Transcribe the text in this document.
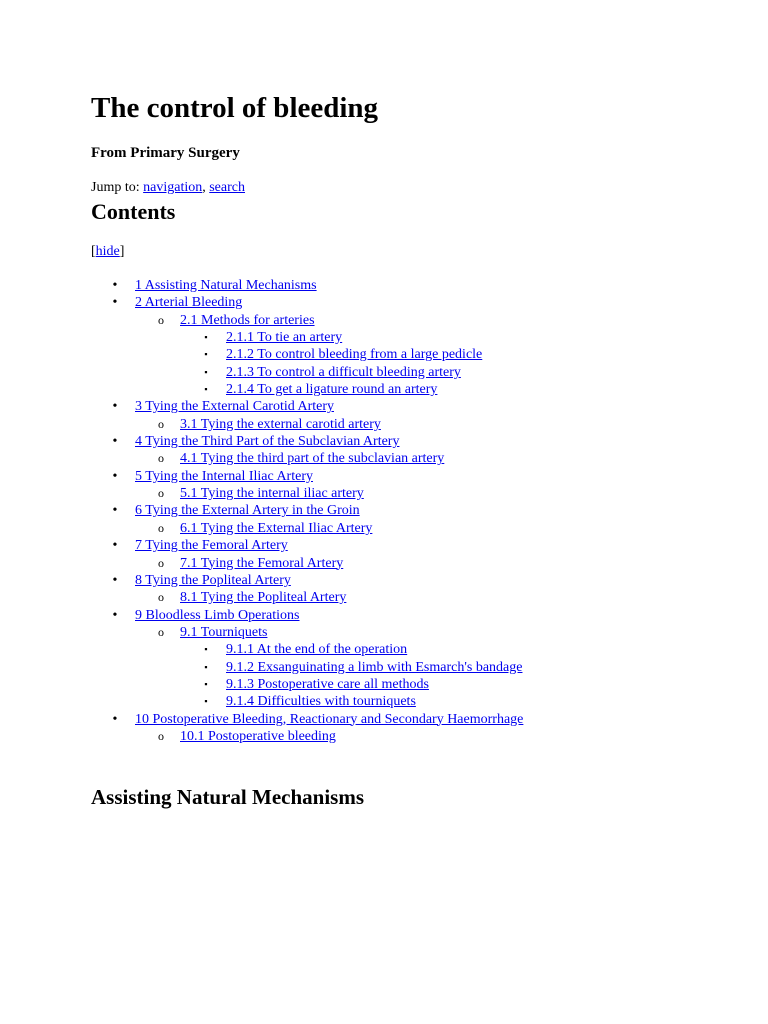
The control of bleeding
From Primary Surgery
Jump to: navigation, search
Contents
[hide]
• 1 Assisting Natural Mechanisms
• 2 Arterial Bleeding
o 2.1 Methods for arteries
▪ 2.1.1 To tie an artery
▪ 2.1.2 To control bleeding from a large pedicle
▪ 2.1.3 To control a difficult bleeding artery
▪ 2.1.4 To get a ligature round an artery
• 3 Tying the External Carotid Artery
o 3.1 Tying the external carotid artery
• 4 Tying the Third Part of the Subclavian Artery
o 4.1 Tying the third part of the subclavian artery
• 5 Tying the Internal Iliac Artery
o 5.1 Tying the internal iliac artery
• 6 Tying the External Artery in the Groin
o 6.1 Tying the External Iliac Artery
• 7 Tying the Femoral Artery
o 7.1 Tying the Femoral Artery
• 8 Tying the Popliteal Artery
o 8.1 Tying the Popliteal Artery
• 9 Bloodless Limb Operations
o 9.1 Tourniquets
▪ 9.1.1 At the end of the operation
▪ 9.1.2 Exsanguinating a limb with Esmarch's bandage
▪ 9.1.3 Postoperative care all methods
▪ 9.1.4 Difficulties with tourniquets
• 10 Postoperative Bleeding, Reactionary and Secondary Haemorrhage
o 10.1 Postoperative bleeding
Assisting Natural Mechanisms
